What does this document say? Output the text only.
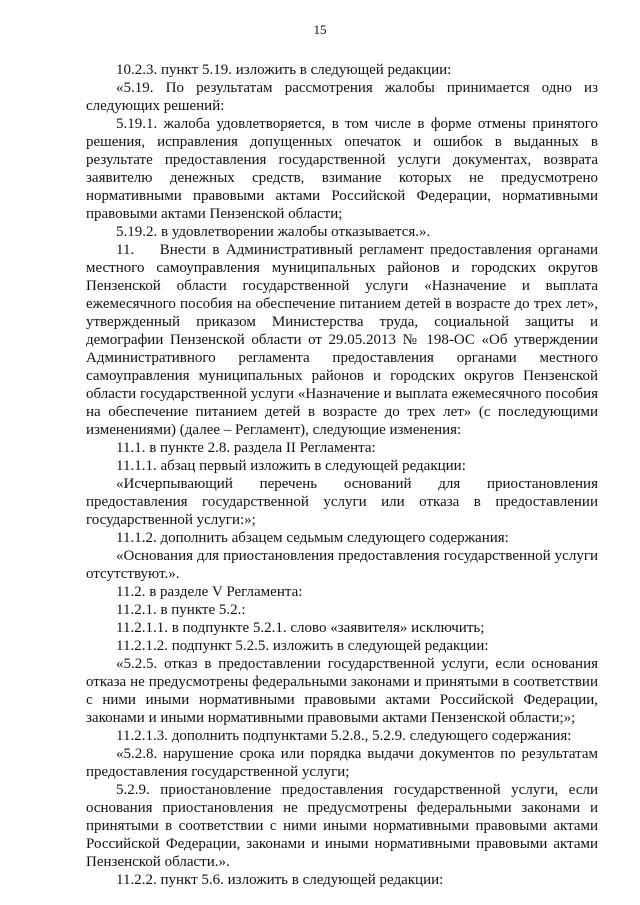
15

10.2.3. пункт 5.19. изложить в следующей редакции:

«5.19. По результатам рассмотрения жалобы принимается одно из следующих решений:

5.19.1. жалоба удовлетворяется, в том числе в форме отмены принятого решения, исправления допущенных опечаток и ошибок в выданных в результате предоставления государственной услуги документах, возврата заявителю денежных средств, взимание которых не предусмотрено нормативными правовыми актами Российской Федерации, нормативными правовыми актами Пензенской области;

5.19.2. в удовлетворении жалобы отказывается.».

11.    Внести в Административный регламент предоставления органами местного самоуправления муниципальных районов и городских округов Пензенской области государственной услуги «Назначение и выплата ежемесячного пособия на обеспечение питанием детей в возрасте до трех лет», утвержденный приказом Министерства труда, социальной защиты и демографии Пензенской области от 29.05.2013 № 198-ОС «Об утверждении Административного регламента предоставления органами местного самоуправления муниципальных районов и городских округов Пензенской области государственной услуги «Назначение и выплата ежемесячного пособия на обеспечение питанием детей в возрасте до трех лет» (с последующими изменениями) (далее – Регламент), следующие изменения:

11.1. в пункте 2.8. раздела II Регламента:

11.1.1. абзац первый изложить в следующей редакции:

«Исчерпывающий перечень оснований для приостановления предоставления государственной услуги или отказа в предоставлении государственной услуги:»;

11.1.2. дополнить абзацем седьмым следующего содержания:

«Основания для приостановления предоставления государственной услуги отсутствуют.».

11.2. в разделе V Регламента:

11.2.1. в пункте 5.2.:

11.2.1.1. в подпункте 5.2.1. слово «заявителя» исключить;

11.2.1.2. подпункт 5.2.5. изложить в следующей редакции:

«5.2.5. отказ в предоставлении государственной услуги, если основания отказа не предусмотрены федеральными законами и принятыми в соответствии с ними иными нормативными правовыми актами Российской Федерации, законами и иными нормативными правовыми актами Пензенской области;»;

11.2.1.3. дополнить подпунктами 5.2.8., 5.2.9. следующего содержания:

«5.2.8. нарушение срока или порядка выдачи документов по результатам предоставления государственной услуги;

5.2.9. приостановление предоставления государственной услуги, если основания приостановления не предусмотрены федеральными законами и принятыми в соответствии с ними иными нормативными правовыми актами Российской Федерации, законами и иными нормативными правовыми актами Пензенской области.».

11.2.2. пункт 5.6. изложить в следующей редакции:
